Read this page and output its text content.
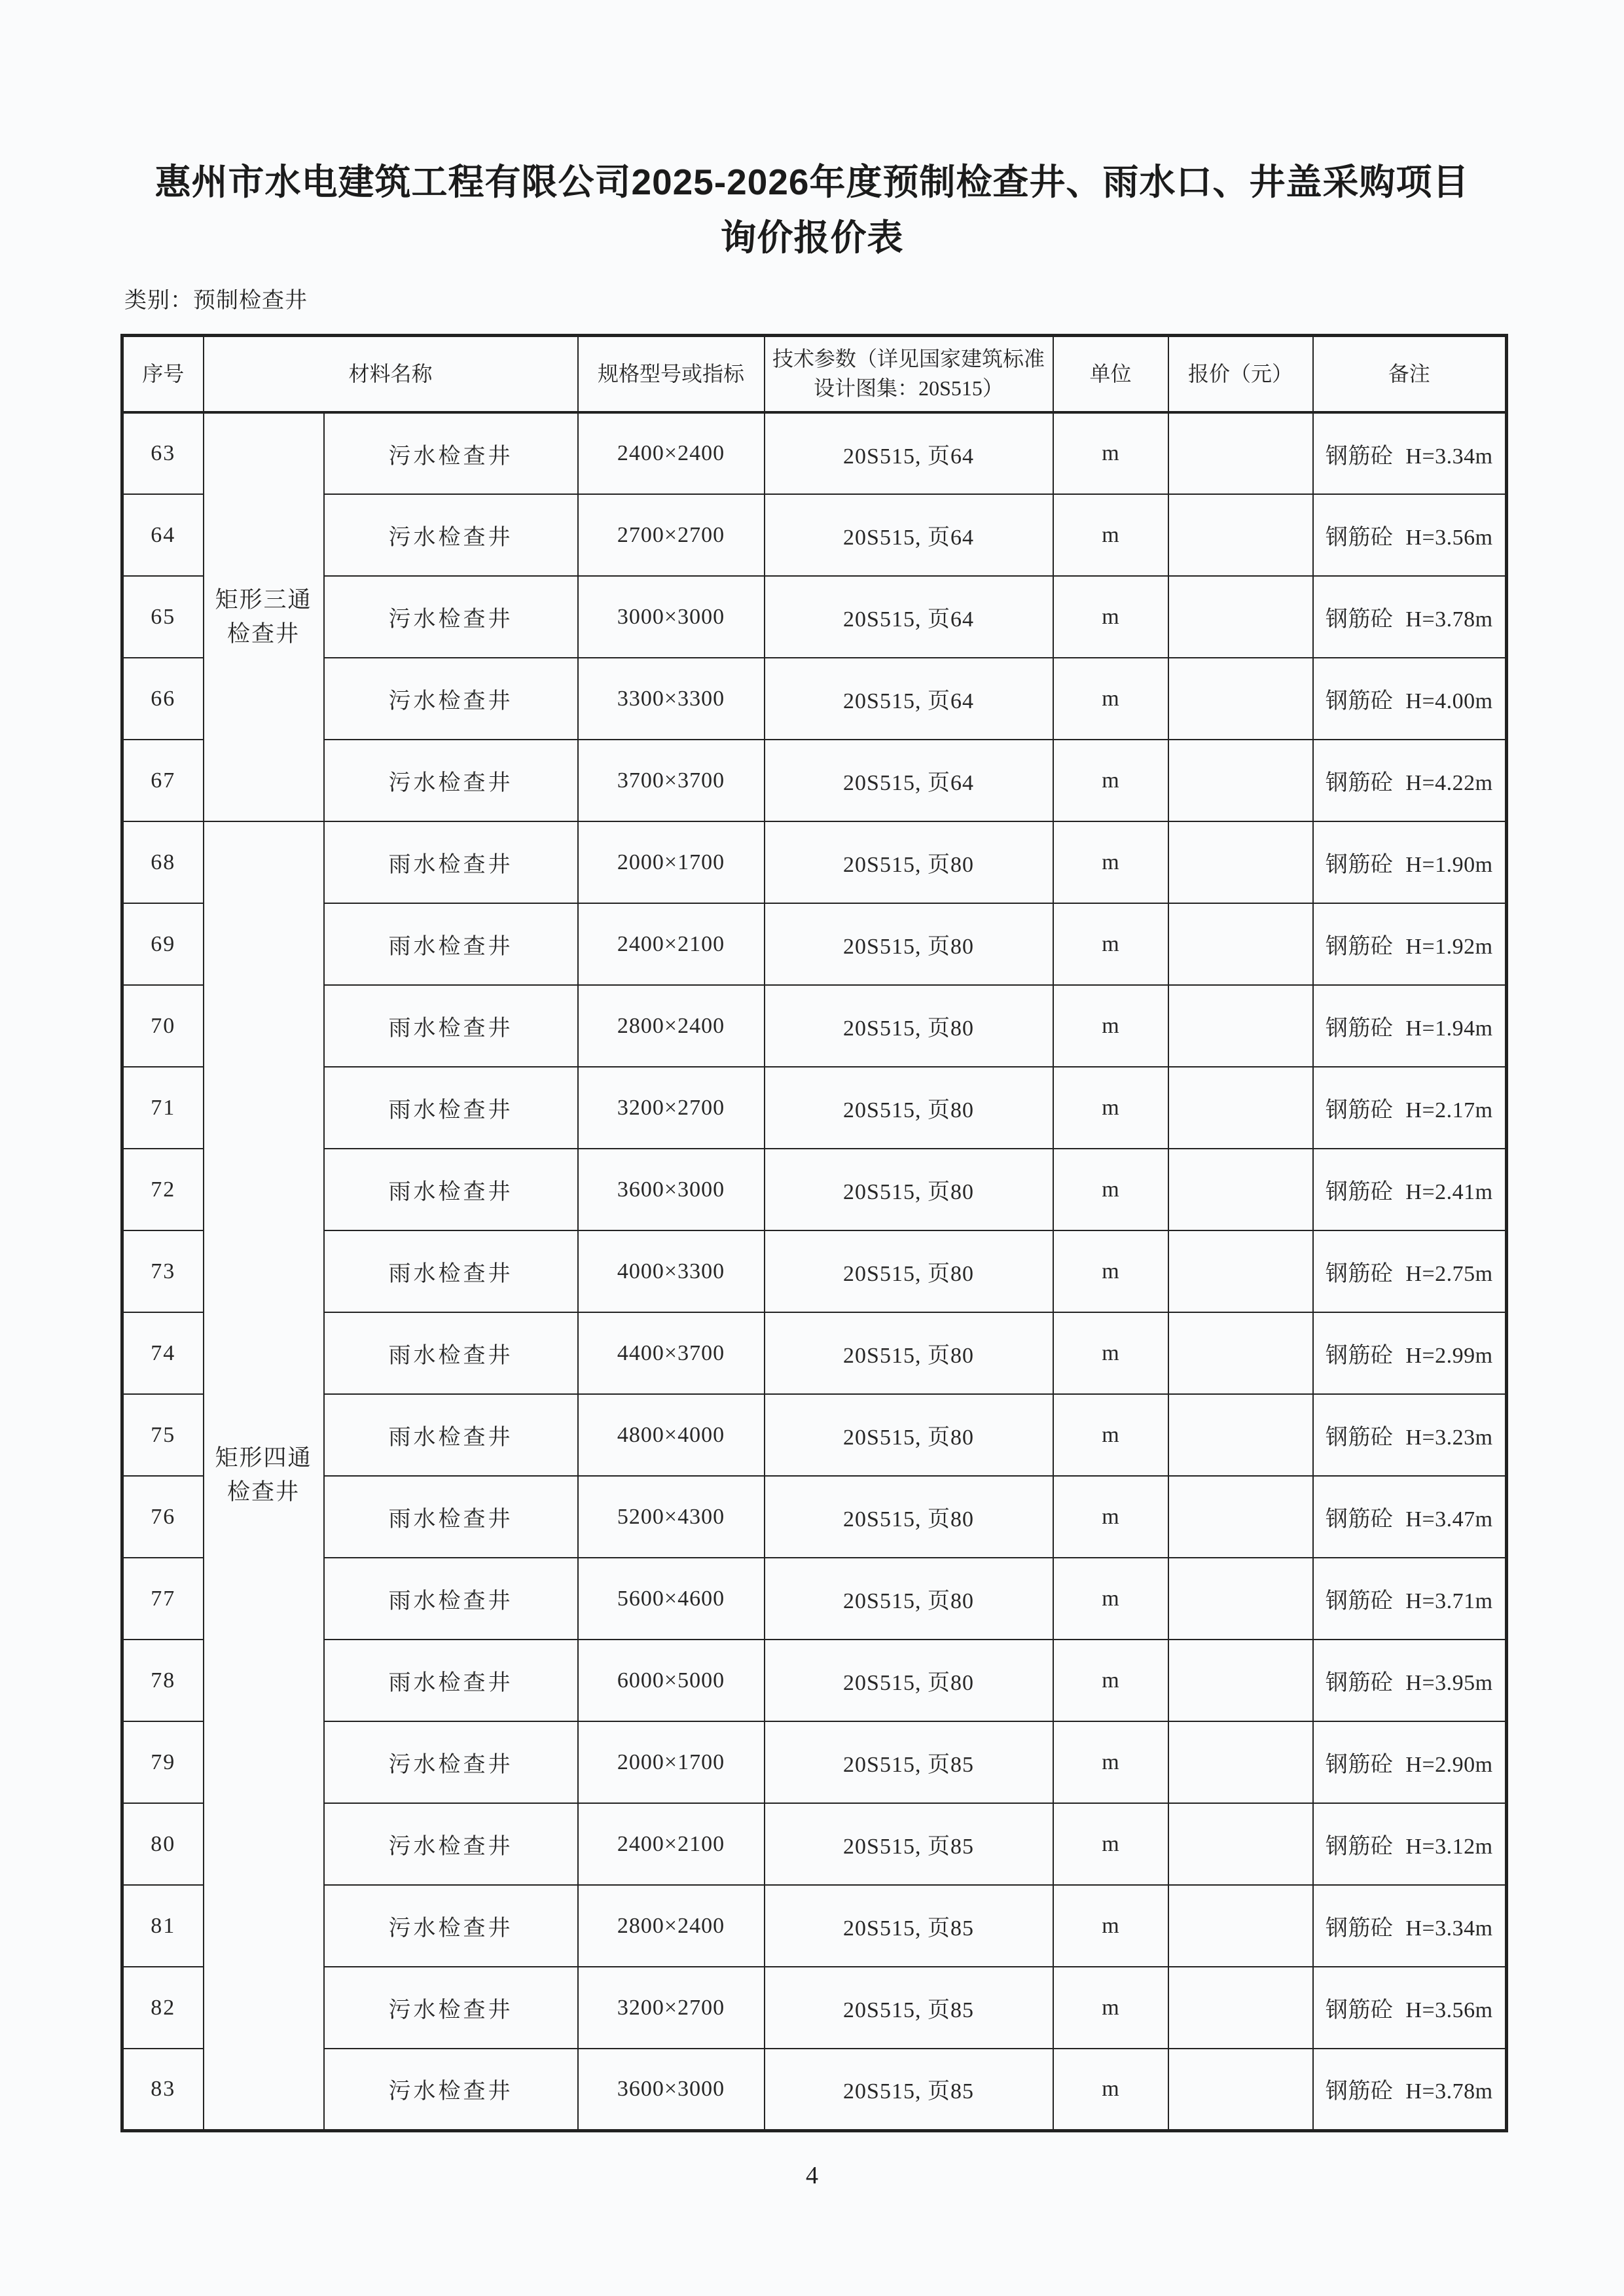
惠州市水电建筑工程有限公司2025-2026年度预制检查井、雨水口、井盖采购项目
询价报价表
类别：预制检查井
序号	材料名称		规格型号或指标	技术参数（详见国家建筑标准设计图集：20S515）	单位	报价（元）	备注
63	矩形三通检查井	污水检查井	2400×2400	20S515, 页64	m		钢筋砼 H=3.34m
64		污水检查井	2700×2700	20S515, 页64	m		钢筋砼 H=3.56m
65		污水检查井	3000×3000	20S515, 页64	m		钢筋砼 H=3.78m
66		污水检查井	3300×3300	20S515, 页64	m		钢筋砼 H=4.00m
67		污水检查井	3700×3700	20S515, 页64	m		钢筋砼 H=4.22m
68	矩形四通检查井	雨水检查井	2000×1700	20S515, 页80	m		钢筋砼 H=1.90m
69		雨水检查井	2400×2100	20S515, 页80	m		钢筋砼 H=1.92m
70		雨水检查井	2800×2400	20S515, 页80	m		钢筋砼 H=1.94m
71		雨水检查井	3200×2700	20S515, 页80	m		钢筋砼 H=2.17m
72		雨水检查井	3600×3000	20S515, 页80	m		钢筋砼 H=2.41m
73		雨水检查井	4000×3300	20S515, 页80	m		钢筋砼 H=2.75m
74		雨水检查井	4400×3700	20S515, 页80	m		钢筋砼 H=2.99m
75		雨水检查井	4800×4000	20S515, 页80	m		钢筋砼 H=3.23m
76		雨水检查井	5200×4300	20S515, 页80	m		钢筋砼 H=3.47m
77		雨水检查井	5600×4600	20S515, 页80	m		钢筋砼 H=3.71m
78		雨水检查井	6000×5000	20S515, 页80	m		钢筋砼 H=3.95m
79		污水检查井	2000×1700	20S515, 页85	m		钢筋砼 H=2.90m
80		污水检查井	2400×2100	20S515, 页85	m		钢筋砼 H=3.12m
81		污水检查井	2800×2400	20S515, 页85	m		钢筋砼 H=3.34m
82		污水检查井	3200×2700	20S515, 页85	m		钢筋砼 H=3.56m
83		污水检查井	3600×3000	20S515, 页85	m		钢筋砼 H=3.78m
4
